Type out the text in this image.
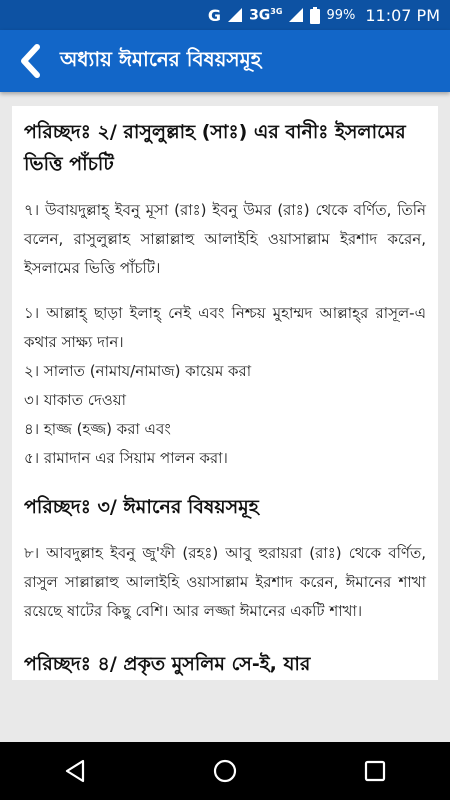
G $3G^{3G}$	99% 11:07 PM
অধ্যায় ঈমানের বিষয়সমূহ

পরিচ্ছদঃ ২/ রাসুলুল্লাহ (সাঃ) এর বানীঃ ইসলামের ভিত্তি পাঁচটি

৭। উবায়দুল্লাহ্‌ ইবনু মূসা (রাঃ) ইবনু উমর (রাঃ) থেকে বর্ণিত, তিনি বলেন, রাসুলুল্লাহ সাল্লাল্লাহু আলাইহি ওয়াসাল্লাম ইরশাদ করেন, ইসলামের ভিত্তি পাঁচটি।

১। আল্লাহ্‌ ছাড়া ইলাহ্‌ নেই এবং নিশ্চয় মুহাম্মদ আল্লাহ্‌র রাসূল-এ কথার সাক্ষ্য দান।
২। সালাত (নামায/নামাজ) কায়েম করা
৩। যাকাত দেওয়া
৪। হাজ্জ (হজ্জ) করা এবং
৫। রামাদান এর সিয়াম পালন করা।

পরিচ্ছদঃ ৩/ ঈমানের বিষয়সমূহ

৮। আবদুল্লাহ ইবনু জু'ফী (রহঃ) আবু হুরায়রা (রাঃ) থেকে বর্ণিত, রাসুল সাল্লাল্লাহু আলাইহি ওয়াসাল্লাম ইরশাদ করেন, ঈমানের শাখা রয়েছে ষাটের কিছু বেশি। আর লজ্জা ঈমানের একটি শাখা।

পরিচ্ছদঃ ৪/ প্রকৃত মুসলিম সে-ই, যার
